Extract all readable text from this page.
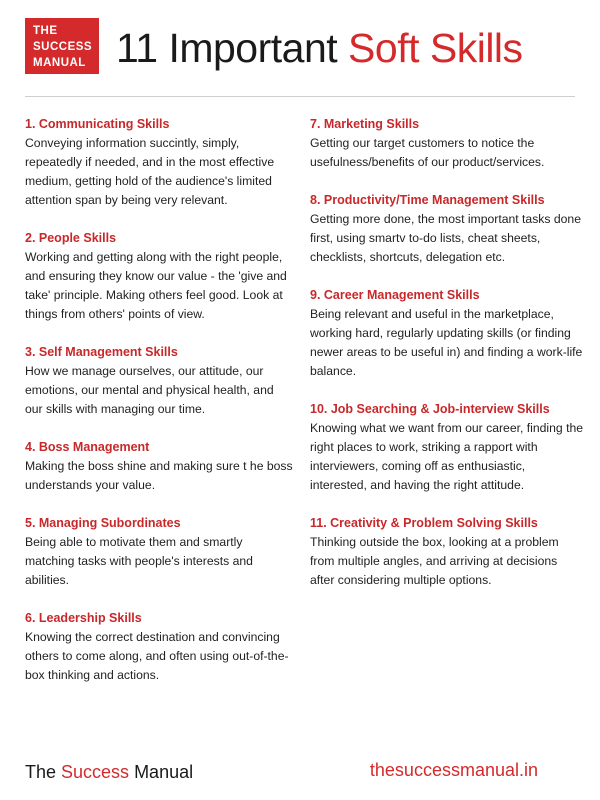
THE
SUCCESS
MANUAL 11 Important Soft Skills
1. Communicating Skills

Conveying information succintly, simply, repeatedly if needed, and in the most effective medium, getting hold of the audience's limited attention span by being very relevant.

2. People Skills

Working and getting along with the right people, and ensuring they know our value - the 'give and take' principle. Making others feel good. Look at things from others' points of view.

3. Self Management Skills

How we manage ourselves, our attitude, our emotions, our mental and physical health, and our skills with managing our time.

4. Boss Management

Making the boss shine and making sure t he boss understands your value.

5. Managing Subordinates

Being able to motivate them and smartly matching tasks with people's interests and abilities.

6. Leadership Skills

Knowing the correct destination and convincing others to come along, and often using out-of-the-box thinking and actions.

7. Marketing Skills

Getting our target customers to notice the usefulness/benefits of our product/services.

8. Productivity/Time Management Skills

Getting more done, the most important tasks done first, using smartv to-do lists, cheat sheets, checklists, shortcuts, delegation etc.

9. Career Management Skills

Being relevant and useful in the marketplace, working hard, regularly updating skills (or finding newer areas to be useful in) and finding a work-life balance.

10. Job Searching & Job-interview Skills

Knowing what we want from our career, finding the right places to work, striking a rapport with interviewers, coming off as enthusiastic, interested, and having the right attitude.

11. Creativity & Problem Solving Skills

Thinking outside the box, looking at a problem from multiple angles, and arriving at decisions after considering multiple options.

The Success Manual	thesuccessmanual.in
